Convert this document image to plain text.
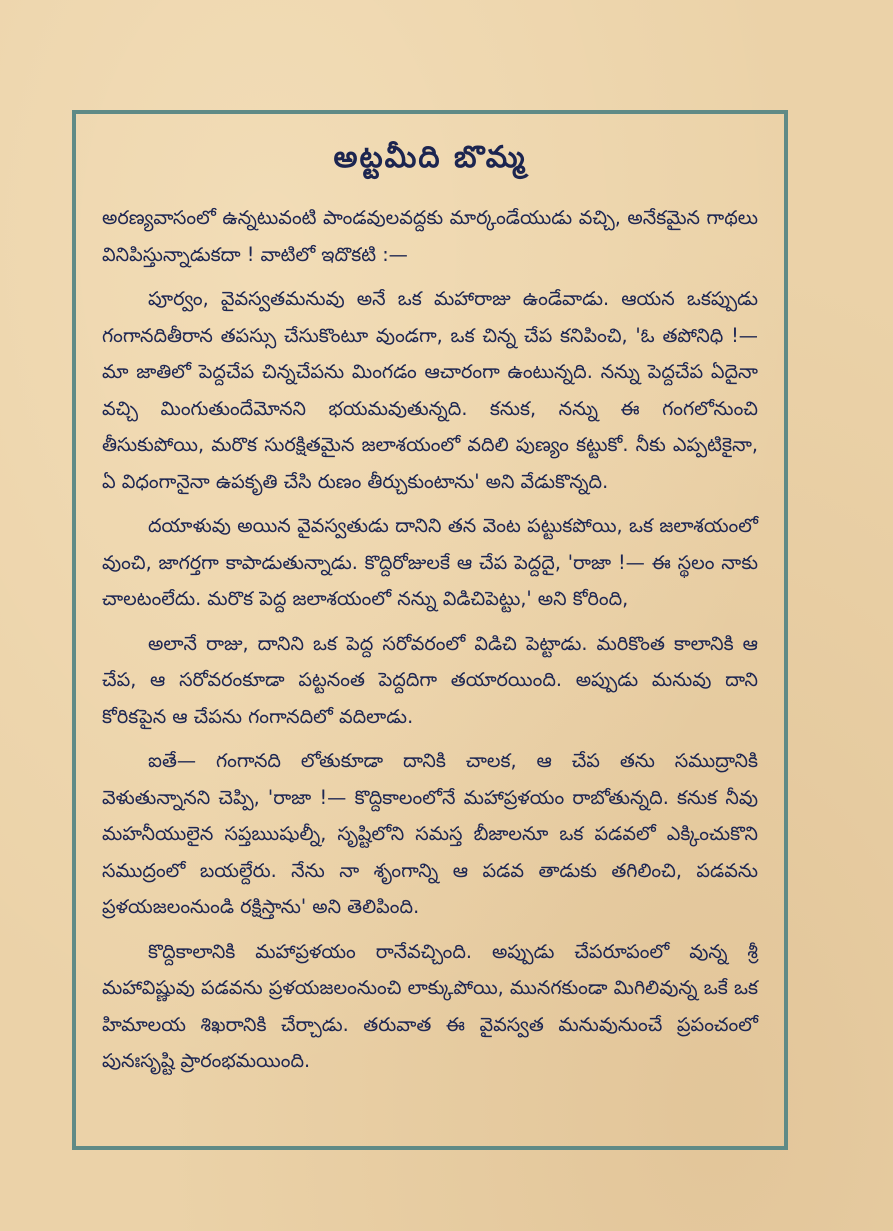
అట్టమీది బొమ్మ

అరణ్యవాసంలో ఉన్నటువంటి పాండవులవద్దకు మార్కండేయుడు వచ్చి, అనేకమైన గాథలు వినిపిస్తున్నాడుకదా ! వాటిలో ఇదొకటి :—

పూర్వం, వైవస్వతమనువు అనే ఒక మహారాజు ఉండేవాడు. ఆయన ఒకప్పుడు గంగానదితీరాన తపస్సు చేసుకొంటూ వుండగా, ఒక చిన్న చేప కనిపించి, 'ఓ తపోనిధి !— మా జాతిలో పెద్దచేప చిన్నచేపను మింగడం ఆచారంగా ఉంటున్నది. నన్ను పెద్దచేప ఏదైనా వచ్చి మింగుతుందేమోనని భయమవుతున్నది. కనుక, నన్ను ఈ గంగలోనుంచి తీసుకుపోయి, మరొక సురక్షితమైన జలాశయంలో వదిలి పుణ్యం కట్టుకో. నీకు ఎప్పటికైనా, ఏ విధంగానైనా ఉపకృతి చేసి రుణం తీర్చుకుంటాను' అని వేడుకొన్నది.

దయాళువు అయిన వైవస్వతుడు దానిని తన వెంట పట్టుకపోయి, ఒక జలాశయంలో వుంచి, జాగర్తగా కాపాడుతున్నాడు. కొద్దిరోజులకే ఆ చేప పెద్దదై, 'రాజా !— ఈ స్థలం నాకు చాలటంలేదు. మరొక పెద్ద జలాశయంలో నన్ను విడిచిపెట్టు,' అని కోరింది,

అలానే రాజు, దానిని ఒక పెద్ద సరోవరంలో విడిచి పెట్టాడు. మరికొంత కాలానికి ఆ చేప, ఆ సరోవరంకూడా పట్టనంత పెద్దదిగా తయారయింది. అప్పుడు మనువు దాని కోరికపైన ఆ చేపను గంగానదిలో వదిలాడు.

ఐతే— గంగానది లోతుకూడా దానికి చాలక, ఆ చేప తను సముద్రానికి వెళుతున్నానని చెప్పి, 'రాజా !— కొద్దికాలంలోనే మహాప్రళయం రాబోతున్నది. కనుక నీవు మహనీయులైన సప్తఋషుల్నీ, సృష్టిలోని సమస్త బీజాలనూ ఒక పడవలో ఎక్కించుకొని సముద్రంలో బయల్దేరు. నేను నా శృంగాన్ని ఆ పడవ తాడుకు తగిలించి, పడవను ప్రళయజలంనుండి రక్షిస్తాను' అని తెలిపింది.

కొద్దికాలానికి మహాప్రళయం రానేవచ్చింది. అప్పుడు చేపరూపంలో వున్న శ్రీ మహావిష్ణువు పడవను ప్రళయజలంనుంచి లాక్కుపోయి, మునగకుండా మిగిలివున్న ఒకే ఒక హిమాలయ శిఖరానికి చేర్చాడు. తరువాత ఈ వైవస్వత మనువునుంచే ప్రపంచంలో పునఃసృష్టి ప్రారంభమయింది.
